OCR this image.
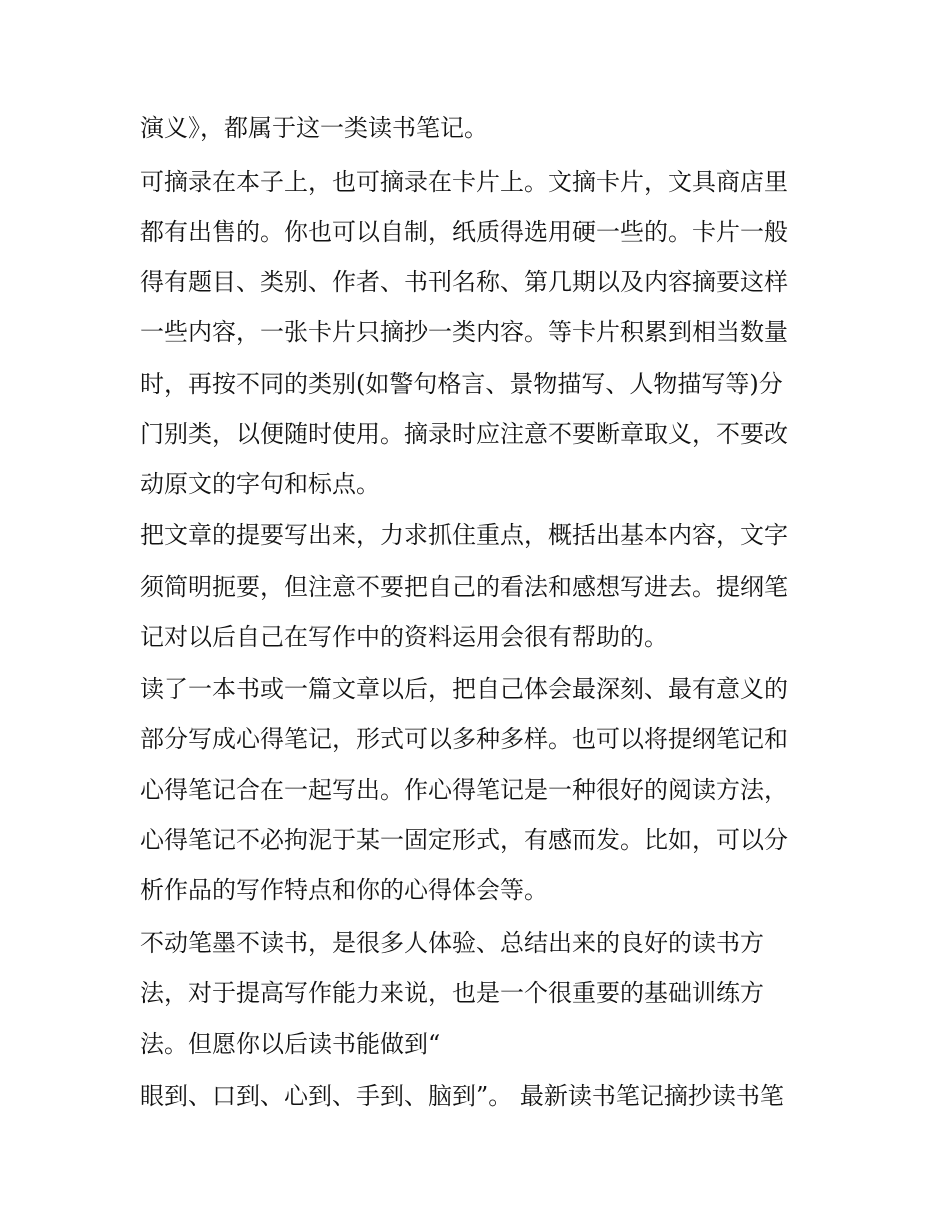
演义》，都属于这一类读书笔记。
可摘录在本子上，也可摘录在卡片上。文摘卡片，文具商店里
都有出售的。你也可以自制，纸质得选用硬一些的。卡片一般
得有题目、类别、作者、书刊名称、第几期以及内容摘要这样
一些内容，一张卡片只摘抄一类内容。等卡片积累到相当数量
时，再按不同的类别(如警句格言、景物描写、人物描写等)分
门别类，以便随时使用。摘录时应注意不要断章取义，不要改
动原文的字句和标点。
把文章的提要写出来，力求抓住重点，概括出基本内容，文字
须简明扼要，但注意不要把自己的看法和感想写进去。提纲笔
记对以后自己在写作中的资料运用会很有帮助的。
读了一本书或一篇文章以后，把自己体会最深刻、最有意义的
部分写成心得笔记，形式可以多种多样。也可以将提纲笔记和
心得笔记合在一起写出。作心得笔记是一种很好的阅读方法，
心得笔记不必拘泥于某一固定形式，有感而发。比如，可以分
析作品的写作特点和你的心得体会等。
不动笔墨不读书，是很多人体验、总结出来的良好的读书方
法，对于提高写作能力来说，也是一个很重要的基础训练方
法。但愿你以后读书能做到“
眼到、口到、心到、手到、脑到”。 最新读书笔记摘抄读书笔
